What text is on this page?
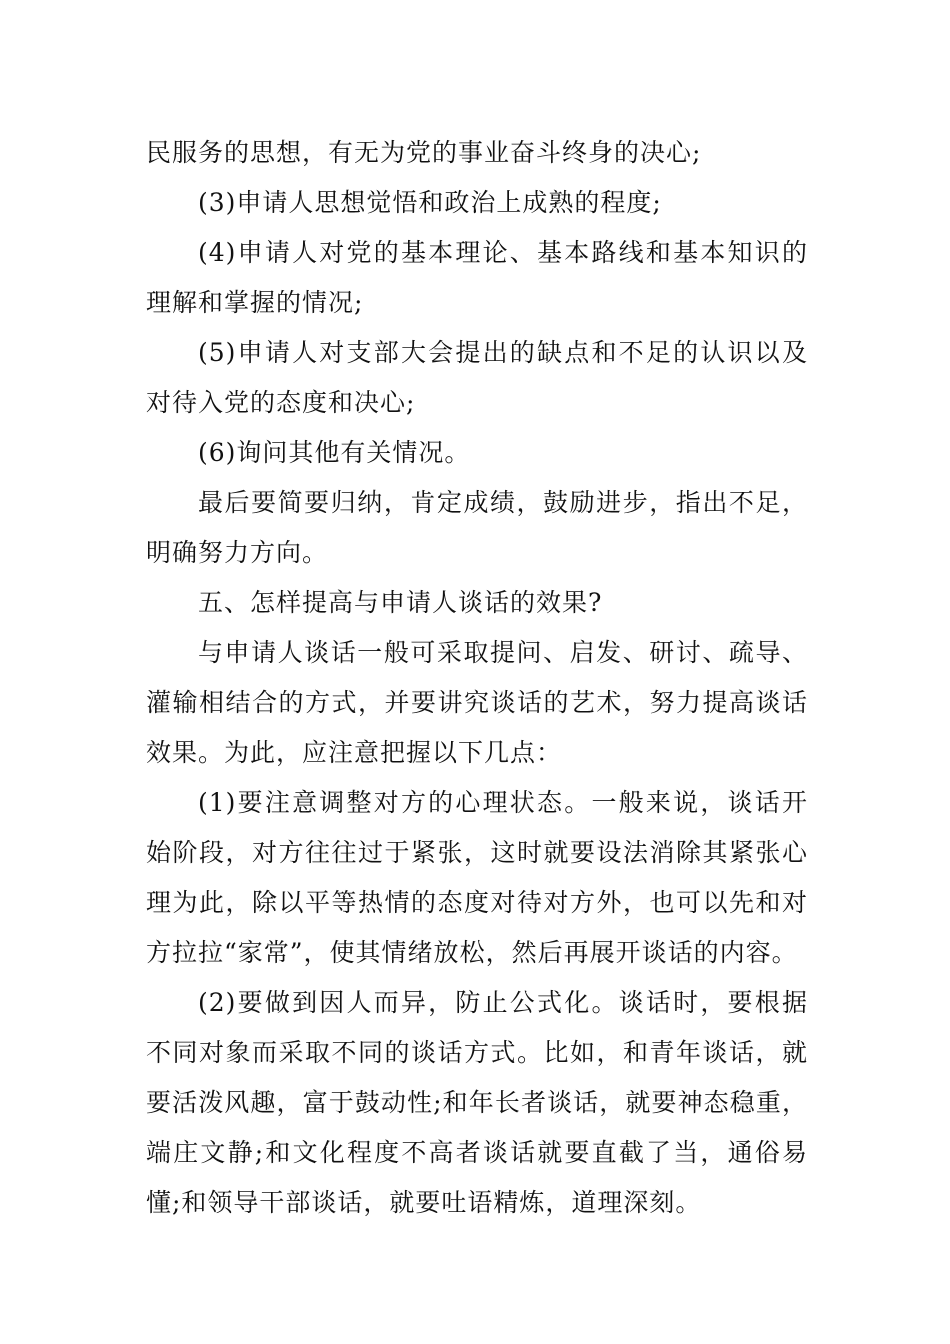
民服务的思想，有无为党的事业奋斗终身的决心;

(3)申请人思想觉悟和政治上成熟的程度;

(4)申请人对党的基本理论、基本路线和基本知识的理解和掌握的情况;

(5)申请人对支部大会提出的缺点和不足的认识以及对待入党的态度和决心;

(6)询问其他有关情况。

最后要简要归纳，肯定成绩，鼓励进步，指出不足，明确努力方向。

五、怎样提高与申请人谈话的效果?

与申请人谈话一般可采取提问、启发、研讨、疏导、灌输相结合的方式，并要讲究谈话的艺术，努力提高谈话效果。为此，应注意把握以下几点：

(1)要注意调整对方的心理状态。一般来说，谈话开始阶段，对方往往过于紧张，这时就要设法消除其紧张心理为此，除以平等热情的态度对待对方外，也可以先和对方拉拉“家常”，使其情绪放松，然后再展开谈话的内容。

(2)要做到因人而异，防止公式化。谈话时，要根据不同对象而采取不同的谈话方式。比如，和青年谈话，就要活泼风趣，富于鼓动性;和年长者谈话，就要神态稳重，端庄文静;和文化程度不高者谈话就要直截了当，通俗易懂;和领导干部谈话，就要吐语精炼，道理深刻。
